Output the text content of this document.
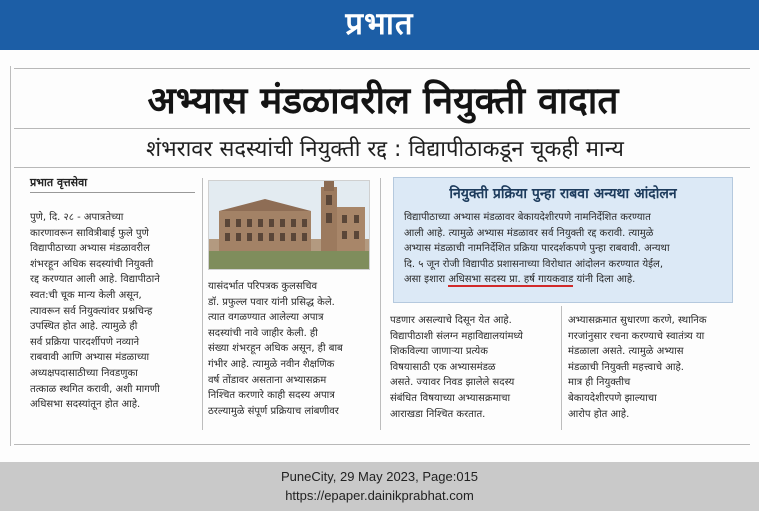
प्रभात
अभ्यास मंडळावरील नियुक्ती वादात
शंभरावर सदस्यांची नियुक्ती रद्द : विद्यापीठाकडून चूकही मान्य
प्रभात वृत्तसेवा
पुणे, दि. २८ - अपात्रतेच्या
कारणावरून सावित्रीबाई फुले पुणे
विद्यापीठाच्या अभ्यास मंडळावरील
शंभरहून अधिक सदस्यांची नियुक्ती
रद्द करण्यात आली आहे. विद्यापीठाने
स्वत:ची चूक मान्य केली असून,
त्यावरून सर्व नियुक्त्यांवर प्रश्नचिन्ह
उपस्थित होत आहे. त्यामुळे ही
सर्व प्रक्रिया पारदर्शीपणे नव्याने
राबवावी आणि अभ्यास मंडळाच्या
अध्यक्षपदासाठीच्या निवडणुका
तत्काळ स्थगित करावी, अशी मागणी
अधिसभा सदस्यांतून होत आहे.
यासंदर्भात परिपत्रक कुलसचिव
डॉ. प्रफुल्ल पवार यांनी प्रसिद्ध केले.
त्यात वगळण्यात आलेल्या अपात्र
सदस्यांची नावे जाहीर केली. ही
संख्या शंभरहून अधिक असून, ही बाब
गंभीर आहे. त्यामुळे नवीन शैक्षणिक
वर्ष तोंडावर असताना अभ्यासक्रम
निश्चित करणारे काही सदस्य अपात्र
ठरल्यामुळे संपूर्ण प्रक्रियाच लांबणीवर
नियुक्ती प्रक्रिया पुन्हा राबवा अन्यथा आंदोलन
विद्यापीठाच्या अभ्यास मंडळावर बेकायदेशीरपणे नामनिर्देशित करण्यात
आली आहे. त्यामुळे अभ्यास मंडळावर सर्व नियुक्ती रद्द करावी. त्यामुळे
अभ्यास मंडळाची नामनिर्देशित प्रक्रिया पारदर्शकपणे पुन्हा राबवावी. अन्यथा
दि. ५ जून रोजी विद्यापीठ प्रशासनाच्या विरोधात आंदोलन करण्यात येईल,
असा इशारा अधिसभा सदस्य प्रा. हर्ष गायकवाड यांनी दिला आहे.
पडणार असल्याचे दिसून येत आहे.
विद्यापीठाशी संलग्न महाविद्यालयांमध्ये
शिकविल्या जाणाऱ्या प्रत्येक
विषयासाठी एक अभ्यासमंडळ
असते. ज्यावर निवड झालेले सदस्य
संबंधित विषयाच्या अभ्यासक्रमाचा
आराखडा निश्चित करतात.
अभ्यासक्रमात सुधारणा करणे, स्थानिक
गरजांनुसार रचना करण्याचे स्वातंत्र्य या
मंडळाला असते. त्यामुळे अभ्यास
मंडळाची नियुक्ती महत्त्वाचे आहे.
मात्र ही नियुक्तीच
बेकायदेशीरपणे झाल्याचा
आरोप होत आहे.
PuneCity, 29 May 2023, Page:015
https://epaper.dainikprabhat.com
